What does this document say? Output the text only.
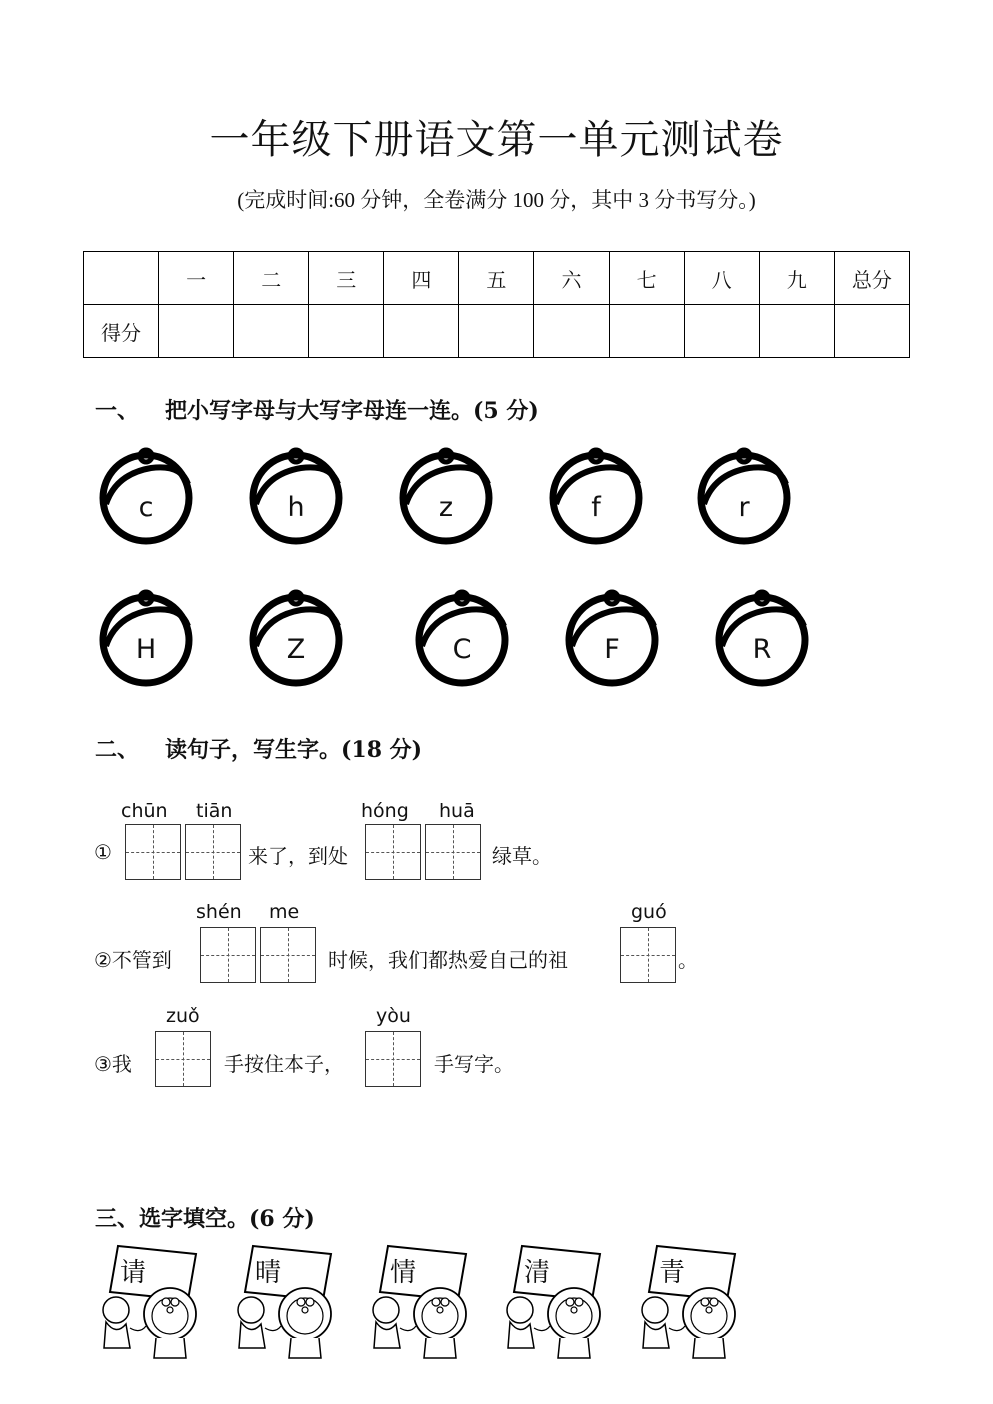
一年级下册语文第一单元测试卷
(完成时间:60 分钟，全卷满分 100 分，其中 3 分书写分。)
	一	二	三	四	五	六	七	八	九	总分
得分										
一、 把小写字母与大写字母连一连。(5 分)
c	h	z	f	r
H	Z	C	F	R
二、 读句子，写生字。(18 分)
chūn tiān	hóng huā
①	来了，到处	绿草。
shén me	guó
②不管到	时候，我们都热爱自己的祖	。
zuǒ	yòu
③我	手按住本子，	手写字。
三、选字填空。(6 分)
请	晴	情	清	青
